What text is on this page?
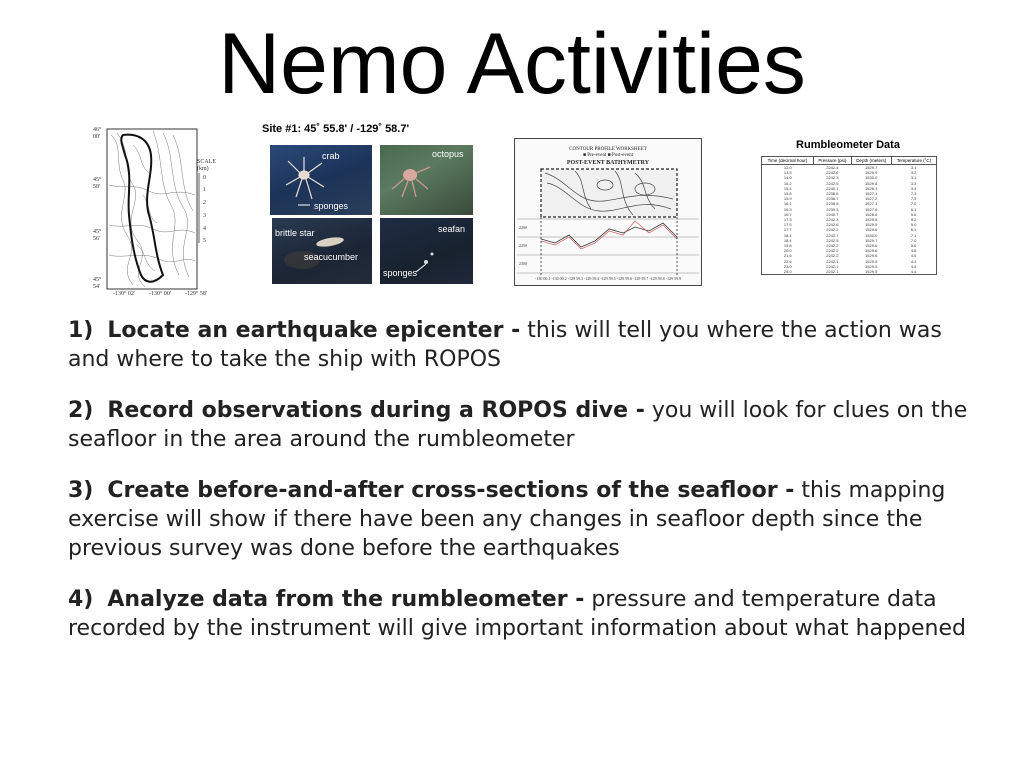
Nemo Activities
46°
00'
45°
58'
45°
56'
45°
54'
SCALE
(km)
0
1
2
3
4
5
-130° 02' -130° 00' -129° 58'
Site #1: 45˚ 55.8' / -129˚ 58.7'
crab
sponges
octopus
brittle star
seacucumber
seafan
sponges
CONTOUR PROFILE WORKSHEET
■ Pre-event ■ Post-event
POST-EVENT BATHYMETRY
2200
2250
2300
-130 00.1 -130 00.2 -129 59.3 -129 59.4 -129 59.5 -129 59.6 -129 59.7 -129 59.8 -129 59.9
Rumbleometer Data
Time (decimal hour)	Pressure (psi)	Depth (meters)	Temperature (˚C)
12.0	2242.4	1529.7	3.1
13.5	2242.6	1529.9	3.2
14.0	2242.3	1530.0	3.1
15.2	2242.5	1529.8	3.3
15.4	2240.1	1528.1	3.4
15.8	2238.6	1527.1	7.3
15.9	2238.7	1527.2	7.5
16.1	2238.5	1527.1	7.0
16.3	2239.3	1527.6	6.1
16.7	2240.7	1528.6	5.6
17.3	2242.3	1529.6	5.2
17.5	2242.6	1529.9	5.0
17.7	2242.2	1529.6	6.1
18.1	2242.7	1530.0	7.1
18.4	2242.5	1529.7	7.0
19.8	2242.2	1529.6	5.6
20.0	2242.2	1529.6	4.8
21.6	2242.2	1529.6	4.5
22.6	2242.1	1529.5	4.4
23.0	2242.1	1529.5	4.4
24.0	2242.1	1529.5	4.4
1) Locate an earthquake epicenter - this will tell you where the action was and where to take the ship with ROPOS
2) Record observations during a ROPOS dive - you will look for clues on the seafloor in the area around the rumbleometer
3) Create before-and-after cross-sections of the seafloor - this mapping exercise will show if there have been any changes in seafloor depth since the previous survey was done before the earthquakes
4) Analyze data from the rumbleometer - pressure and temperature data recorded by the instrument will give important information about what happened
